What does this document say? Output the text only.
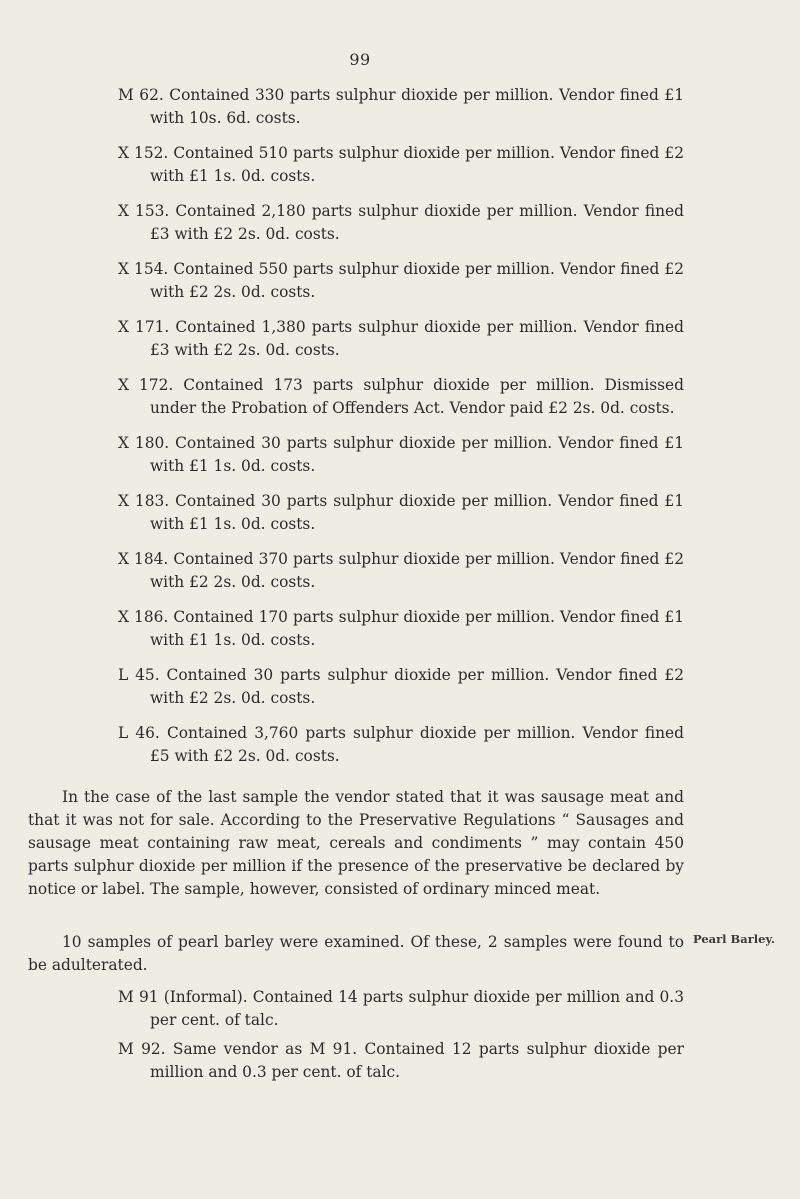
99

M 62. Contained 330 parts sulphur dioxide per million. Vendor fined £1 with 10s. 6d. costs.

X 152. Contained 510 parts sulphur dioxide per million. Vendor fined £2 with £1 1s. 0d. costs.

X 153. Contained 2,180 parts sulphur dioxide per million. Vendor fined £3 with £2 2s. 0d. costs.

X 154. Contained 550 parts sulphur dioxide per million. Vendor fined £2 with £2 2s. 0d. costs.

X 171. Contained 1,380 parts sulphur dioxide per million. Vendor fined £3 with £2 2s. 0d. costs.

X 172. Contained 173 parts sulphur dioxide per million. Dismissed under the Probation of Offenders Act. Vendor paid £2 2s. 0d. costs.

X 180. Contained 30 parts sulphur dioxide per million. Vendor fined £1 with £1 1s. 0d. costs.

X 183. Contained 30 parts sulphur dioxide per million. Vendor fined £1 with £1 1s. 0d. costs.

X 184. Contained 370 parts sulphur dioxide per million. Vendor fined £2 with £2 2s. 0d. costs.

X 186. Contained 170 parts sulphur dioxide per million. Vendor fined £1 with £1 1s. 0d. costs.

L 45. Contained 30 parts sulphur dioxide per million. Vendor fined £2 with £2 2s. 0d. costs.

L 46. Contained 3,760 parts sulphur dioxide per million. Vendor fined £5 with £2 2s. 0d. costs.

In the case of the last sample the vendor stated that it was sausage meat and that it was not for sale. According to the Preservative Regulations “ Sausages and sausage meat containing raw meat, cereals and condiments ” may contain 450 parts sulphur dioxide per million if the presence of the preservative be declared by notice or label. The sample, however, consisted of ordinary minced meat.

10 samples of pearl barley were examined. Of these, 2 samples were found to be adulterated.

Pearl Barley.

M 91 (Informal). Contained 14 parts sulphur dioxide per million and 0.3 per cent. of talc.

M 92. Same vendor as M 91. Contained 12 parts sulphur dioxide per million and 0.3 per cent. of talc.
